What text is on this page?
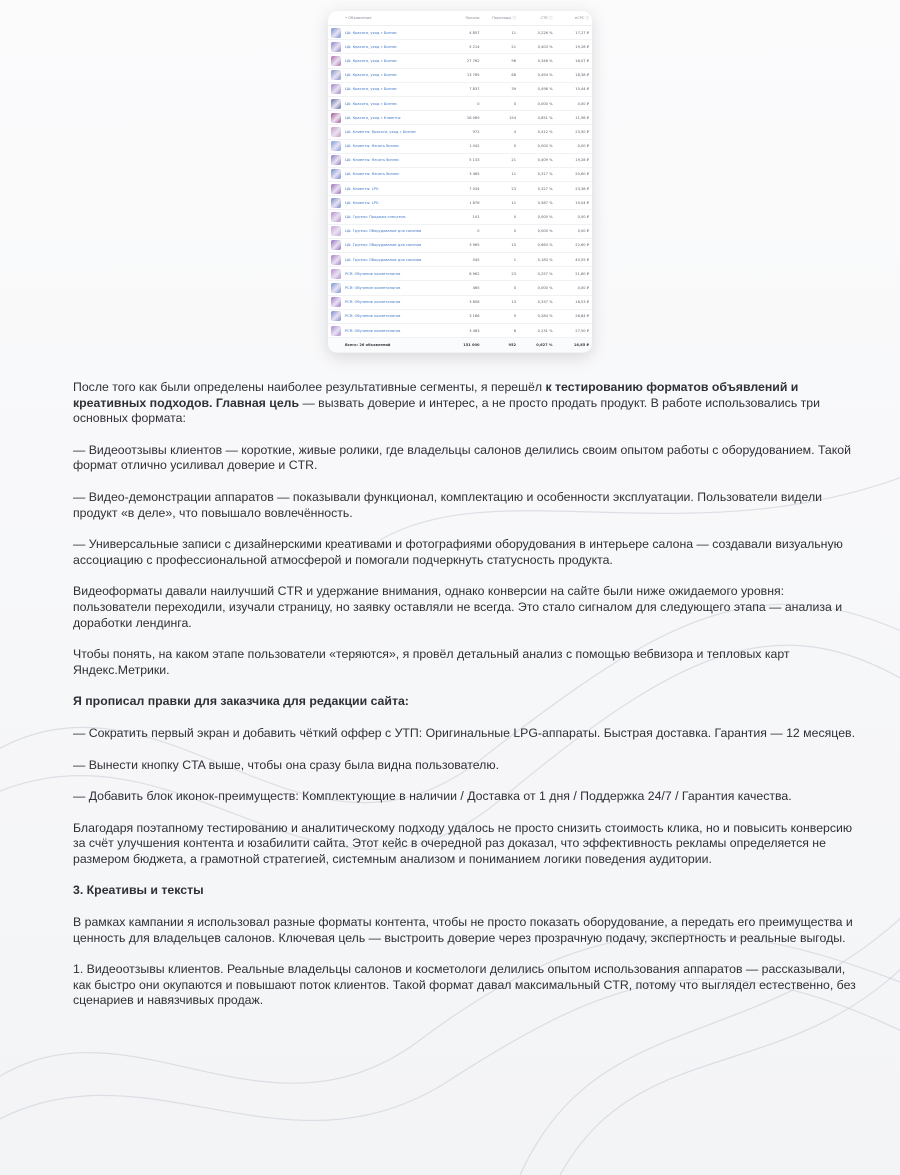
	• Объявление	Показы	Переходы ⓘ	CTR ⓘ	eCPC ⓘ
	ЦА: Красота, уход » Бизнес	4 857	11	0,226 %	17,27 ₽
	ЦА: Красота, уход » Бизнес	5 214	21	0,403 %	19,28 ₽
	ЦА: Красота, уход » Бизнес	27 762	96	0,346 %	16,07 ₽
	ЦА: Красота, уход » Бизнес	13 765	68	0,494 %	18,38 ₽
	ЦА: Красота, уход » Бизнес	7 837	39	0,498 %	15,44 ₽
	ЦА: Красота, уход » Бизнес	0	0	0,000 %	0,00 ₽
	ЦА: Красота, уход » Клиенты	18 089	154	0,851 %	11,98 ₽
	ЦА: Клиенты: Красота, уход » Бизнес	972	4	0,412 %	23,50 ₽
	ЦА: Клиенты: Начать бизнес	1 042	0	0,000 %	0,00 ₽
	ЦА: Клиенты: Начать бизнес	5 133	21	0,409 %	19,28 ₽
	ЦА: Клиенты: Начать бизнес	3 465	11	0,317 %	20,60 ₽
	ЦА: Клиенты: LPG	7 034	23	0,327 %	23,36 ₽
	ЦА: Клиенты: LPG	1 876	11	0,587 %	19,04 ₽
	ЦА: Группы: Продажа спецтехн.	141	0	0,000 %	0,00 ₽
	ЦА: Группы: Оборудование для салонов	0	0	0,000 %	0,00 ₽
	ЦА: Группы: Оборудование для салонов	3 965	15	0,663 %	22,60 ₽
	ЦА: Группы: Оборудование для салонов	545	1	0,183 %	40,55 ₽
	РСЯ: Обучение косметологов	8 962	23	0,257 %	21,60 ₽
	РСЯ: Обучение косметологов	465	0	0,000 %	0,00 ₽
	РСЯ: Обучение косметологов	3 858	13	0,337 %	18,53 ₽
	РСЯ: Обучение косметологов	3 166	9	0,284 %	26,84 ₽
	РСЯ: Обучение косметологов	3 463	8	0,231 %	27,50 ₽
	Всего: 26 объявлений	151 000	952	0,627 %	16,85 ₽

После того как были определены наиболее результативные сегменты, я перешёл к тестированию форматов объявлений и креативных подходов. Главная цель — вызвать доверие и интерес, а не просто продать продукт. В работе использовались три основных формата:

— Видеоотзывы клиентов — короткие, живые ролики, где владельцы салонов делились своим опытом работы с оборудованием. Такой формат отлично усиливал доверие и CTR.

— Видео-демонстрации аппаратов — показывали функционал, комплектацию и особенности эксплуатации. Пользователи видели продукт «в деле», что повышало вовлечённость.

— Универсальные записи с дизайнерскими креативами и фотографиями оборудования в интерьере салона — создавали визуальную ассоциацию с профессиональной атмосферой и помогали подчеркнуть статусность продукта.

Видеоформаты давали наилучший CTR и удержание внимания, однако конверсии на сайте были ниже ожидаемого уровня: пользователи переходили, изучали страницу, но заявку оставляли не всегда. Это стало сигналом для следующего этапа — анализа и доработки лендинга.

Чтобы понять, на каком этапе пользователи «теряются», я провёл детальный анализ с помощью вебвизора и тепловых карт Яндекс.Метрики.

Я прописал правки для заказчика для редакции сайта:

— Сократить первый экран и добавить чёткий оффер с УТП: Оригинальные LPG-аппараты. Быстрая доставка. Гарантия — 12 месяцев.

— Вынести кнопку CTA выше, чтобы она сразу была видна пользователю.

— Добавить блок иконок-преимуществ: Комплектующие в наличии / Доставка от 1 дня / Поддержка 24/7 / Гарантия качества.

Благодаря поэтапному тестированию и аналитическому подходу удалось не просто снизить стоимость клика, но и повысить конверсию за счёт улучшения контента и юзабилити сайта. Этот кейс в очередной раз доказал, что эффективность рекламы определяется не размером бюджета, а грамотной стратегией, системным анализом и пониманием логики поведения аудитории.

3. Креативы и тексты

В рамках кампании я использовал разные форматы контента, чтобы не просто показать оборудование, а передать его преимущества и ценность для владельцев салонов. Ключевая цель — выстроить доверие через прозрачную подачу, экспертность и реальные выгоды.

1. Видеоотзывы клиентов. Реальные владельцы салонов и косметологи делились опытом использования аппаратов — рассказывали, как быстро они окупаются и повышают поток клиентов. Такой формат давал максимальный CTR, потому что выглядел естественно, без сценариев и навязчивых продаж.
